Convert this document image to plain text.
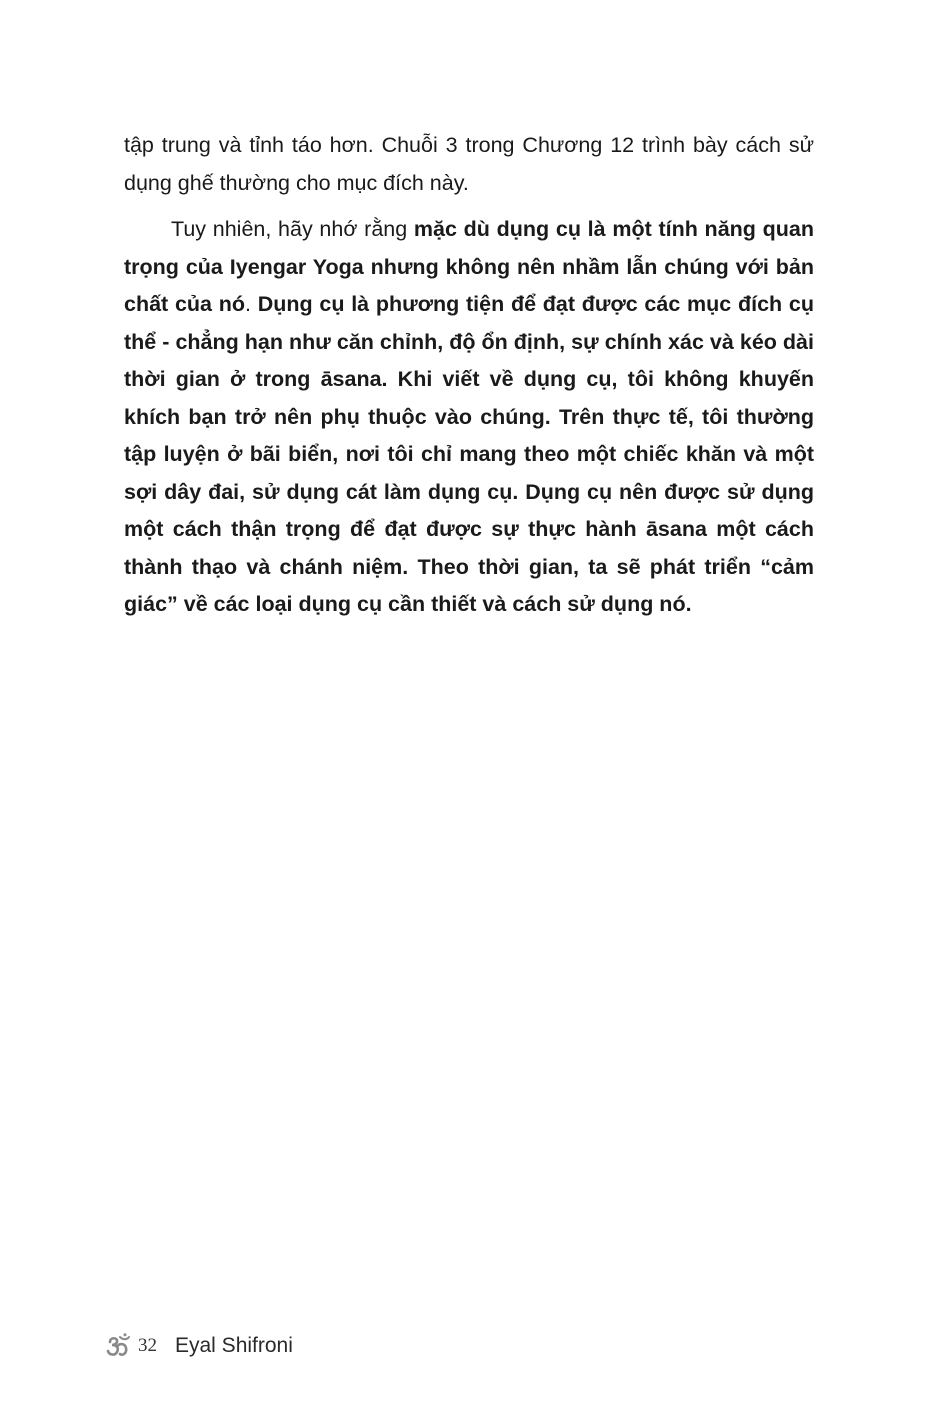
tập trung và tỉnh táo hơn. Chuỗi 3 trong Chương 12 trình bày cách sử dụng ghế thường cho mục đích này.

Tuy nhiên, hãy nhớ rằng mặc dù dụng cụ là một tính năng quan trọng của Iyengar Yoga nhưng không nên nhầm lẫn chúng với bản chất của nó. Dụng cụ là phương tiện để đạt được các mục đích cụ thể - chẳng hạn như căn chỉnh, độ ổn định, sự chính xác và kéo dài thời gian ở trong āsana. Khi viết về dụng cụ, tôi không khuyến khích bạn trở nên phụ thuộc vào chúng. Trên thực tế, tôi thường tập luyện ở bãi biển, nơi tôi chỉ mang theo một chiếc khăn và một sợi dây đai, sử dụng cát làm dụng cụ. Dụng cụ nên được sử dụng một cách thận trọng để đạt được sự thực hành āsana một cách thành thạo và chánh niệm. Theo thời gian, ta sẽ phát triển “cảm giác” về các loại dụng cụ cần thiết và cách sử dụng nó.

32 Eyal Shifroni
